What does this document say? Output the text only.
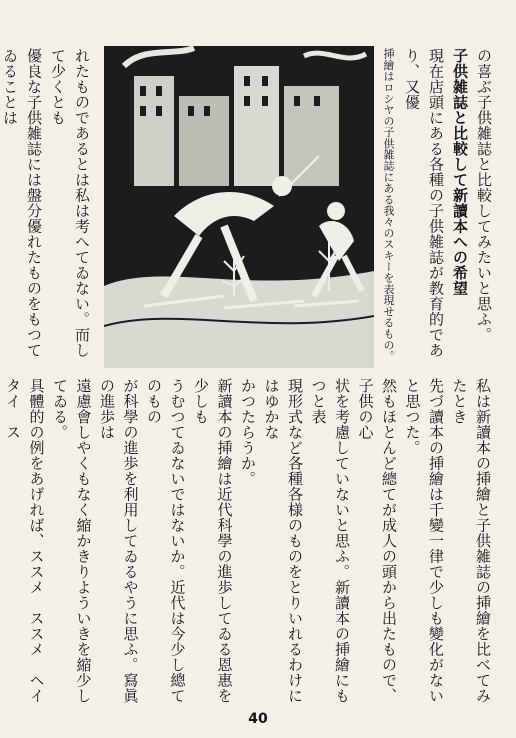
の喜ぶ子供雑誌と比較してみたいと思ふ。
子供雑誌と比較して新讀本への希望
現在店頭にある各種の子供雑誌が教育的であり、又優
挿繪はロシヤの子供雑誌にある我々のスキーを表現せるもの。
れたものであるとは私は考へてゐない。而して少くとも
優良な子供雑誌には盤分優れたものをもつてゐることは
私は新讀本の挿繪と子供雑誌の挿繪を比べてみたとき
先づ讀本の挿繪は千變一律で少しも變化がないと思つた。
然もほとんど總てが成人の頭から出たもので、子供の心
状を考慮していないと思ふ。新讀本の挿繪にもつと表
現形式など各種各様のものをとりいれるわけにはゆかな
かつたらうか。
新讀本の挿繪は近代科學の進歩してゐる恩惠を少しも
うむつてゐないではないか。近代は今少し總てのもの
が科學の進歩を利用してゐるやうに思ふ。寫眞の進歩は
遠慮會しやくもなく縮かきりよういきを縮少してゐる。
具體的の例をあげれば、ススメ　ススメ　ヘイタイ　ス
40
